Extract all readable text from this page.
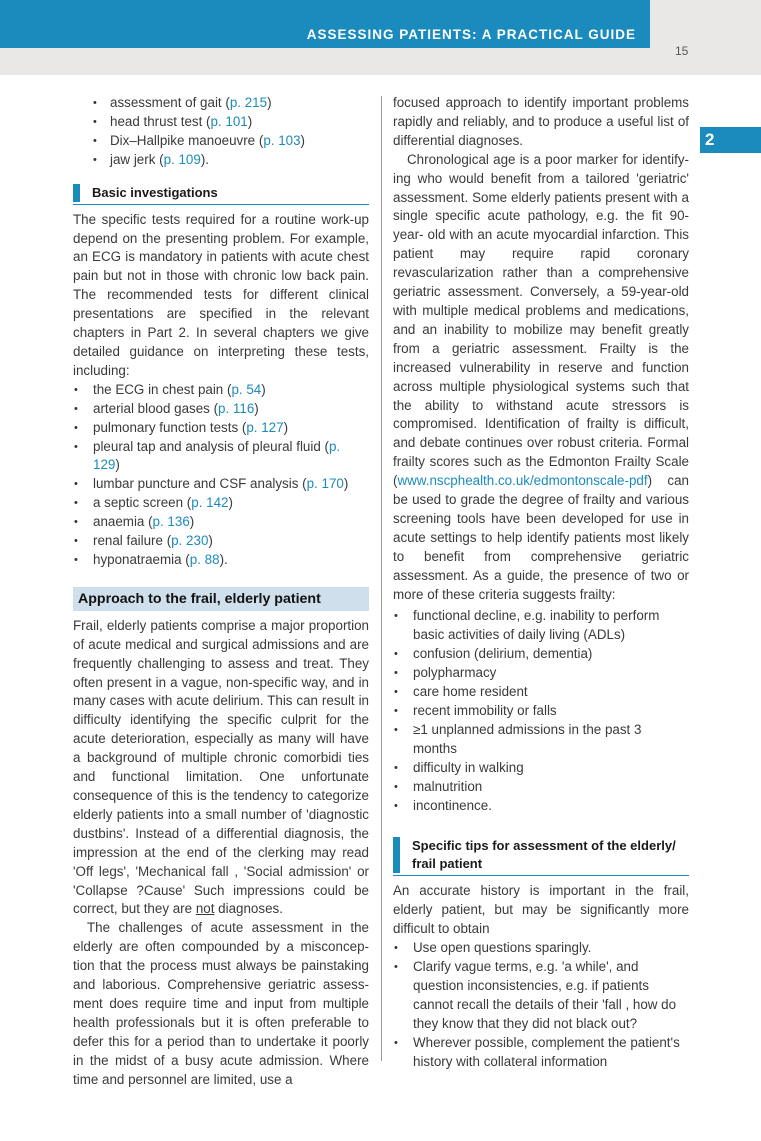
ASSESSING PATIENTS: A PRACTICAL GUIDE
15
2
• assessment of gait (p. 215)
• head thrust test (p. 101)
• Dix–Hallpike manoeuvre (p. 103)
• jaw jerk (p. 109).
Basic investigations

The specific tests required for a routine work-up depend on the presenting problem. For example, an ECG is mandatory in patients with acute chest pain but not in those with chronic low back pain. The recommended tests for different clinical presentations are specified in the relevant chapters in Part 2. In several chapters we give detailed guidance on interpreting these tests, including:

• the ECG in chest pain (p. 54)
• arterial blood gases (p. 116)
• pulmonary function tests (p. 127)
• pleural tap and analysis of pleural fluid (p. 129)
• lumbar puncture and CSF analysis (p. 170)
• a septic screen (p. 142)
• anaemia (p. 136)
• renal failure (p. 230)
• hyponatraemia (p. 88).
Approach to the frail, elderly patient

Frail, elderly patients comprise a major proportion of acute medical and surgical admissions and are frequently challenging to assess and treat. They often present in a vague, non-specific way, and in many cases with acute delirium. This can result in difficulty identifying the specific culprit for the acute deterioration, especially as many will have a background of multiple chronic comorbidi ties and functional limitation. One unfortunate consequence of this is the tendency to categorize elderly patients into a small number of 'diagnostic dustbins'. Instead of a differential diagnosis, the impression at the end of the clerking may read 'Off legs', 'Mechanical fall , 'Social admission' or 'Collapse ?Cause' Such impressions could be correct, but they are not diagnoses.

The challenges of acute assessment in the elderly are often compounded by a misconcep- tion that the process must always be painstaking and laborious. Comprehensive geriatric assess- ment does require time and input from multiple health professionals but it is often preferable to defer this for a period than to undertake it poorly in the midst of a busy acute admission. Where time and personnel are limited, use a

focused approach to identify important problems rapidly and reliably, and to produce a useful list of differential diagnoses.

Chronological age is a poor marker for identify- ing who would benefit from a tailored 'geriatric' assessment. Some elderly patients present with a single specific acute pathology, e.g. the fit 90-year- old with an acute myocardial infarction. This patient may require rapid coronary revascularization rather than a comprehensive geriatric assessment. Conversely, a 59-year-old with multiple medical problems and medications, and an inability to mobilize may benefit greatly from a geriatric assessment. Frailty is the increased vulnerability in reserve and function across multiple physiological systems such that the ability to withstand acute stressors is compromised. Identification of frailty is difficult, and debate continues over robust criteria. Formal frailty scores such as the Edmonton Frailty Scale (www.nscphealth.co.uk/edmontonscale-pdf) can be used to grade the degree of frailty and various screening tools have been developed for use in acute settings to help identify patients most likely to benefit from comprehensive geriatric assessment. As a guide, the presence of two or more of these criteria suggests frailty:

• functional decline, e.g. inability to perform basic activities of daily living (ADLs)
• confusion (delirium, dementia)
• polypharmacy
• care home resident
• recent immobility or falls
• ≥1 unplanned admissions in the past 3 months
• difficulty in walking
• malnutrition
• incontinence.
Specific tips for assessment of the elderly/ frail patient

An accurate history is important in the frail, elderly patient, but may be significantly more difficult to obtain

• Use open questions sparingly.
• Clarify vague terms, e.g. 'a while', and question inconsistencies, e.g. if patients cannot recall the details of their 'fall , how do they know that they did not black out?
• Wherever possible, complement the patient's history with collateral information
